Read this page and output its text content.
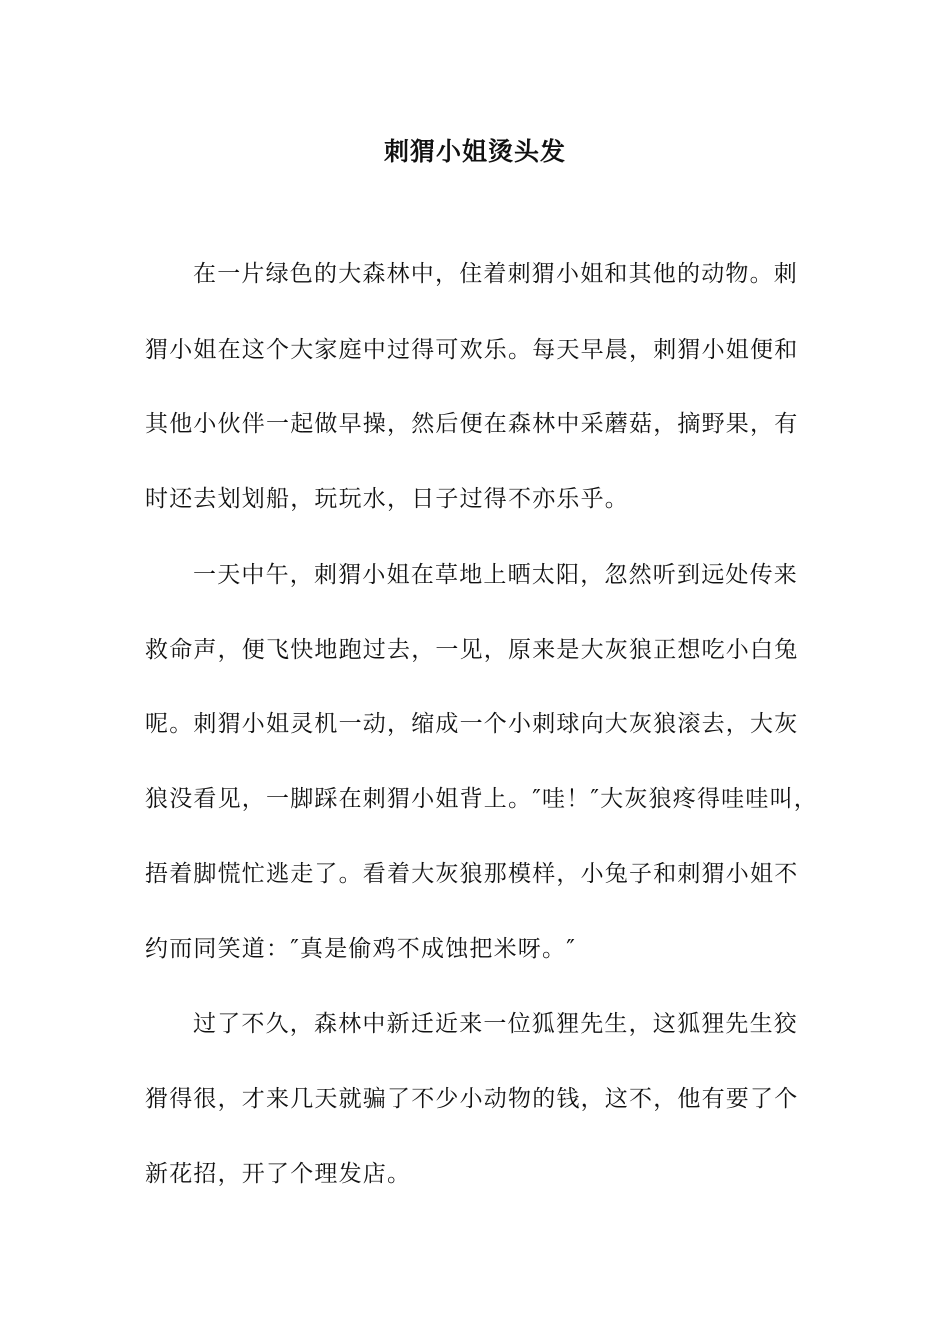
刺猬小姐烫头发
在一片绿色的大森林中，住着刺猬小姐和其他的动物。刺
猬小姐在这个大家庭中过得可欢乐。每天早晨，刺猬小姐便和
其他小伙伴一起做早操，然后便在森林中采蘑菇，摘野果，有
时还去划划船，玩玩水，日子过得不亦乐乎。
一天中午，刺猬小姐在草地上晒太阳，忽然听到远处传来
救命声，便飞快地跑过去，一见，原来是大灰狼正想吃小白兔
呢。刺猬小姐灵机一动，缩成一个小刺球向大灰狼滚去，大灰
狼没看见，一脚踩在刺猬小姐背上。″哇！″大灰狼疼得哇哇叫，
捂着脚慌忙逃走了。看着大灰狼那模样，小兔子和刺猬小姐不
约而同笑道：″真是偷鸡不成蚀把米呀。″
过了不久，森林中新迁近来一位狐狸先生，这狐狸先生狡
猾得很，才来几天就骗了不少小动物的钱，这不，他有要了个
新花招，开了个理发店。
